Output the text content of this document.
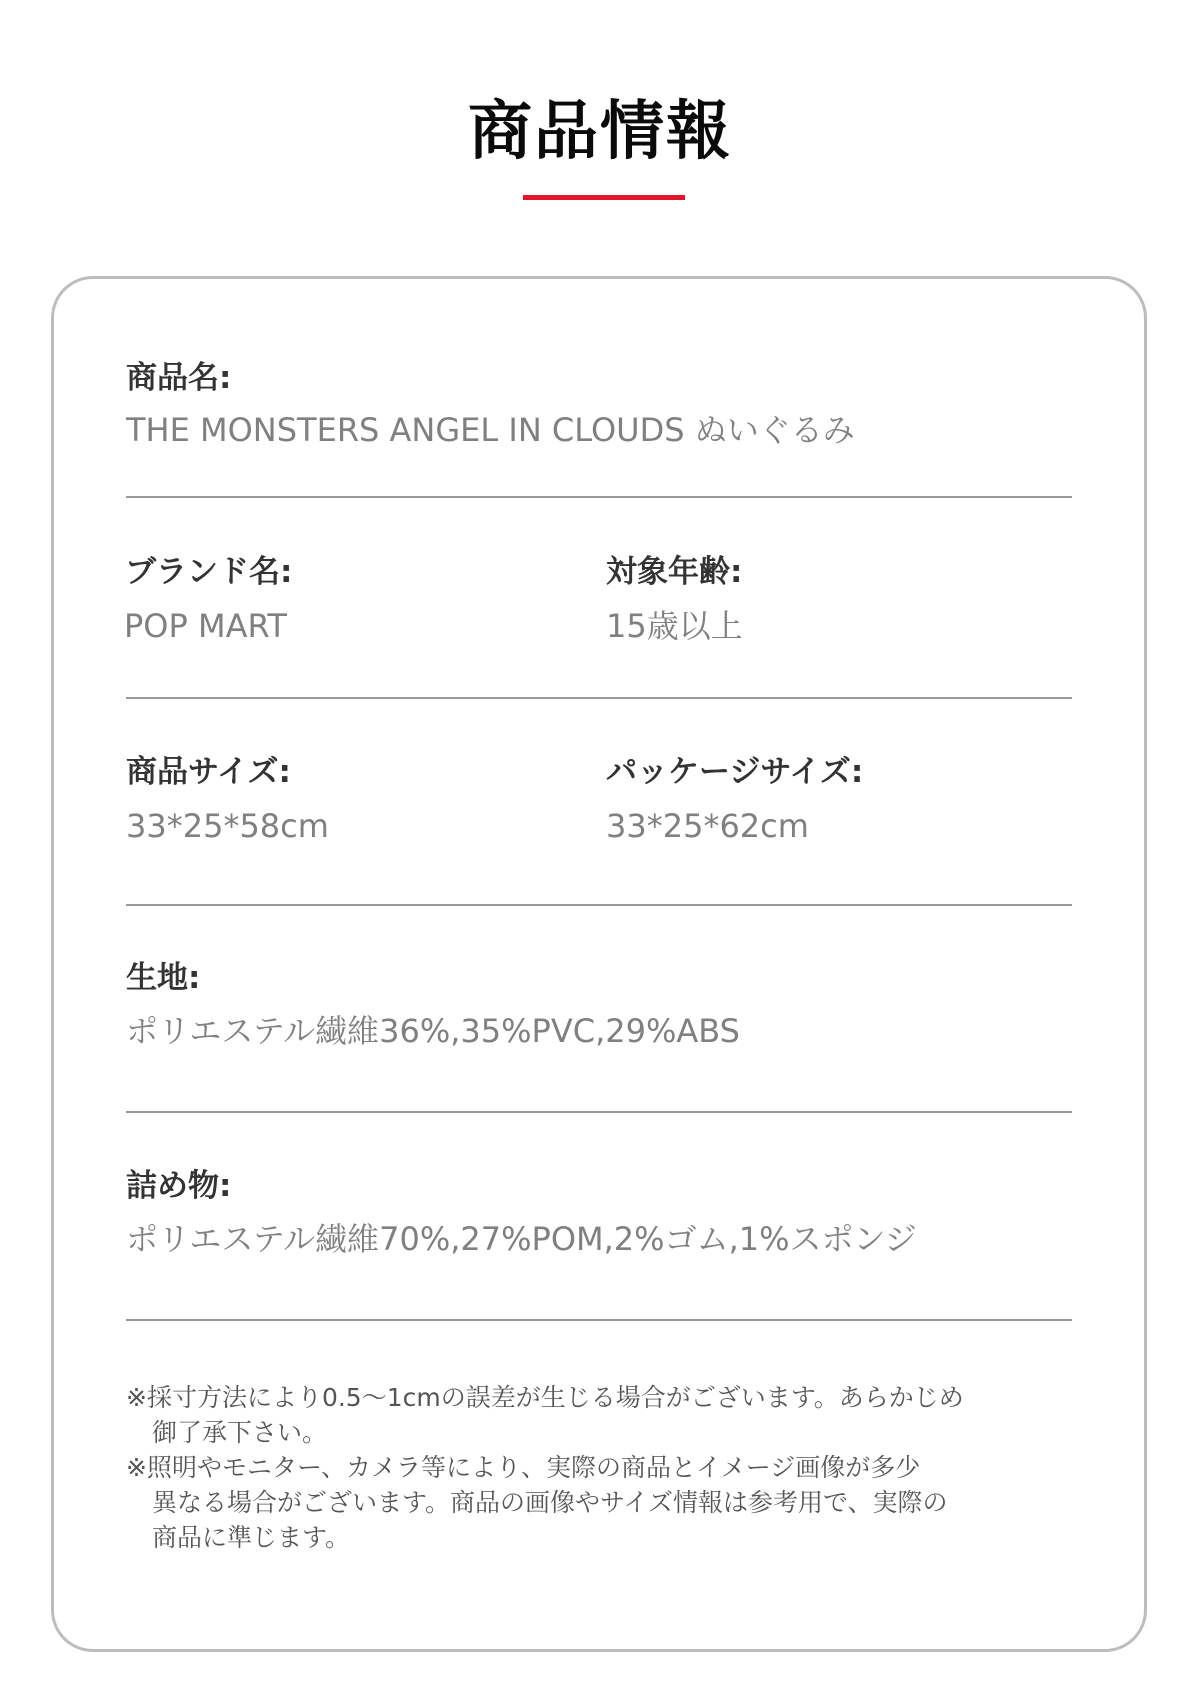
商品情報
商品名:
THE MONSTERS ANGEL IN CLOUDS ぬいぐるみ
ブランド名:
POP MART
対象年齢:
15歳以上
商品サイズ:
33*25*58cm
パッケージサイズ:
33*25*62cm
生地:
ポリエステル繊維36%,35%PVC,29%ABS
詰め物:
ポリエステル繊維70%,27%POM,2%ゴム,1%スポンジ
※採寸方法により0.5〜1cmの誤差が生じる場合がございます。あらかじめ
御了承下さい。
※照明やモニター、カメラ等により、実際の商品とイメージ画像が多少
異なる場合がございます。商品の画像やサイズ情報は参考用で、実際の
商品に準じます。
